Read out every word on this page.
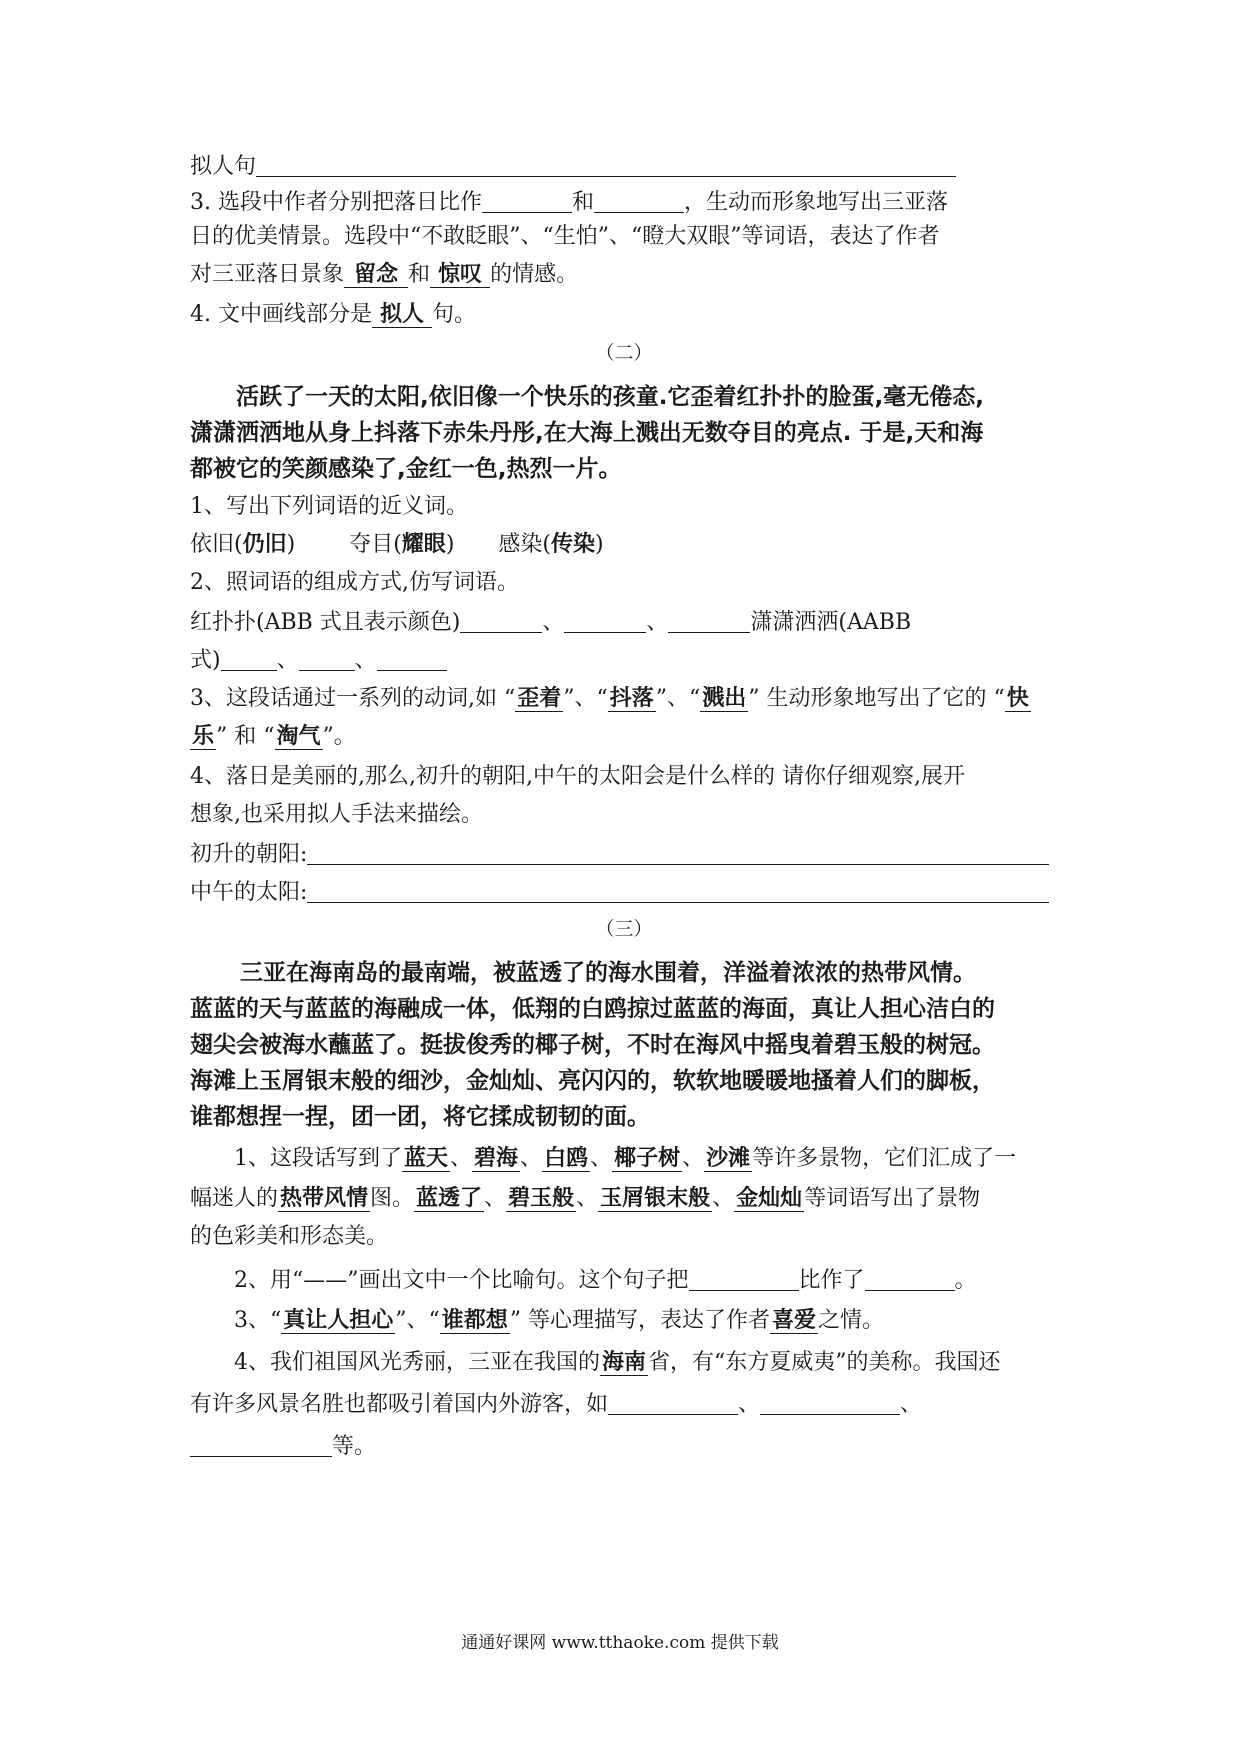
拟人句
3. 选段中作者分别把落日比作	和	，生动而形象地写出三亚落
日的优美情景。选段中“不敢眨眼”、“生怕”、“瞪大双眼”等词语，表达了作者
对三亚落日景象 留念 和 惊叹 的情感。
4. 文中画线部分是 拟人 句。
（二）
活跃了一天的太阳,依旧像一个快乐的孩童.它歪着红扑扑的脸蛋,毫无倦态,
潇潇洒洒地从身上抖落下赤朱丹彤,在大海上溅出无数夺目的亮点. 于是,天和海
都被它的笑颜感染了,金红一色,热烈一片。
1、写出下列词语的近义词。
依旧(仍旧) 夺目(耀眼) 感染(传染)
2、照词语的组成方式,仿写词语。
红扑扑(ABB 式且表示颜色)	、	、	潇潇洒洒(AABB
式)	、	、
3、这段话通过一系列的动词,如 “歪着”、“抖落”、“溅出” 生动形象地写出了它的 “快
乐” 和 “淘气”。
4、落日是美丽的,那么,初升的朝阳,中午的太阳会是什么样的 请你仔细观察,展开
想象,也采用拟人手法来描绘。
初升的朝阳:
中午的太阳:
（三）
三亚在海南岛的最南端，被蓝透了的海水围着，洋溢着浓浓的热带风情。
蓝蓝的天与蓝蓝的海融成一体，低翔的白鸥掠过蓝蓝的海面，真让人担心洁白的
翅尖会被海水蘸蓝了。挺拔俊秀的椰子树，不时在海风中摇曳着碧玉般的树冠。
海滩上玉屑银末般的细沙，金灿灿、亮闪闪的，软软地暖暖地搔着人们的脚板，
谁都想捏一捏，团一团，将它揉成韧韧的面。
1、这段话写到了蓝天、碧海、白鸥、椰子树、沙滩等许多景物，它们汇成了一
幅迷人的热带风情图。蓝透了、碧玉般、玉屑银末般、金灿灿等词语写出了景物
的色彩美和形态美。
2、用“——”画出文中一个比喻句。这个句子把	比作了	。
3、“真让人担心”、“谁都想” 等心理描写，表达了作者喜爱之情。
4、我们祖国风光秀丽，三亚在我国的海南省，有“东方夏威夷”的美称。我国还
有许多风景名胜也都吸引着国内外游客，如	、	、
等。
通通好课网 www.tthaoke.com 提供下载
